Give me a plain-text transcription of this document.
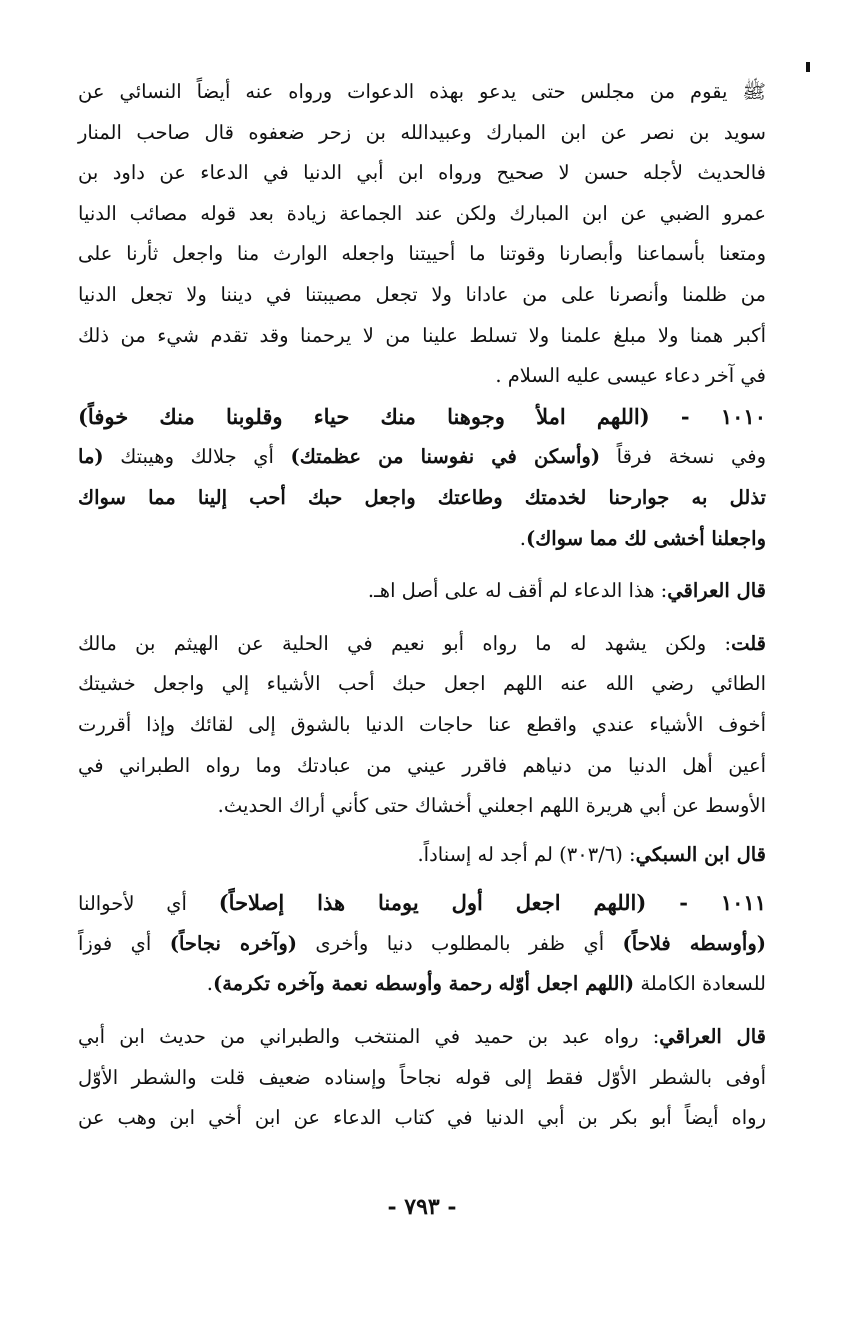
ﷺ يقوم من مجلس حتى يدعو بهذه الدعوات ورواه عنه أيضاً النسائي عن
سويد بن نصر عن ابن المبارك وعبيدالله بن زحر ضعفوه قال صاحب المنار
فالحديث لأجله حسن لا صحيح ورواه ابن أبي الدنيا في الدعاء عن داود بن
عمرو الضبي عن ابن المبارك ولكن عند الجماعة زيادة بعد قوله مصائب الدنيا
ومتعنا بأسماعنا وأبصارنا وقوتنا ما أحييتنا واجعله الوارث منا واجعل ثأرنا على
من ظلمنا وأنصرنا على من عادانا ولا تجعل مصيبتنا في ديننا ولا تجعل الدنيا
أكبر همنا ولا مبلغ علمنا ولا تسلط علينا من لا يرحمنا وقد تقدم شيء من ذلك
في آخر دعاء عيسى عليه السلام .
١٠١٠ - (اللهم املأ وجوهنا منك حياء وقلوبنا منك خوفاً)
وفي نسخة فرقاً (وأسكن في نفوسنا من عظمتك) أي جلالك وهيبتك (ما
تذلل به جوارحنا لخدمتك وطاعتك واجعل حبك أحب إلينا مما سواك
واجعلنا أخشى لك مما سواك).
قال العراقي: هذا الدعاء لم أقف له على أصل اهـ.
قلت: ولكن يشهد له ما رواه أبو نعيم في الحلية عن الهيثم بن مالك
الطائي رضي الله عنه اللهم اجعل حبك أحب الأشياء إلي واجعل خشيتك
أخوف الأشياء عندي واقطع عنا حاجات الدنيا بالشوق إلى لقائك وإذا أقررت
أعين أهل الدنيا من دنياهم فاقرر عيني من عبادتك وما رواه الطبراني في
الأوسط عن أبي هريرة اللهم اجعلني أخشاك حتى كأني أراك الحديث.
قال ابن السبكي: (٣٠٣/٦) لم أجد له إسناداً.
١٠١١ - (اللهم اجعل أول يومنا هذا إصلاحاً) أي لأحوالنا
(وأوسطه فلاحاً) أي ظفر بالمطلوب دنيا وأخرى (وآخره نجاحاً) أي فوزاً
للسعادة الكاملة (اللهم اجعل أوّله رحمة وأوسطه نعمة وآخره تكرمة).
قال العراقي: رواه عبد بن حميد في المنتخب والطبراني من حديث ابن أبي
أوفى بالشطر الأوّل فقط إلى قوله نجاحاً وإسناده ضعيف قلت والشطر الأوّل
رواه أيضاً أبو بكر بن أبي الدنيا في كتاب الدعاء عن ابن أخي ابن وهب عن
- ٧٩٣ -
